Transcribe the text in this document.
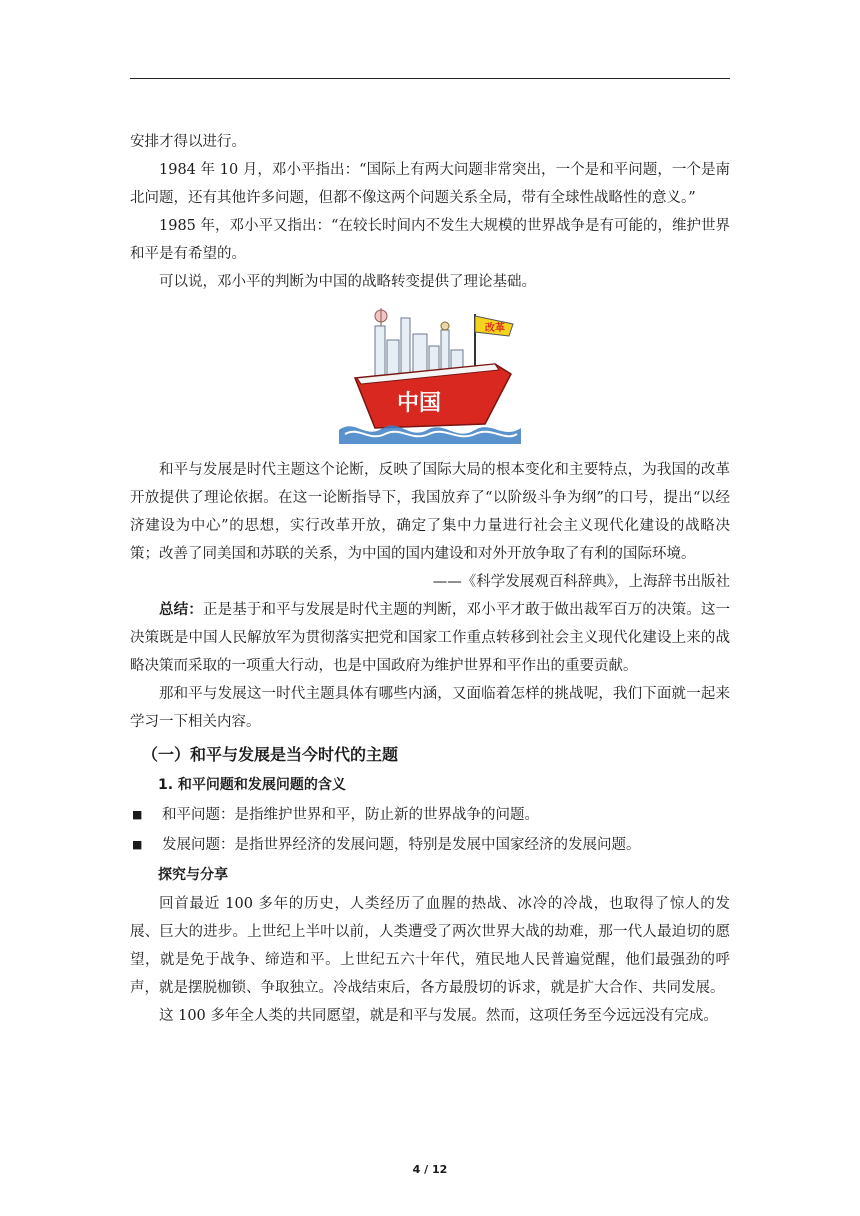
安排才得以进行。

1984 年 10 月，邓小平指出：“国际上有两大问题非常突出，一个是和平问题，一个是南北问题，还有其他许多问题，但都不像这两个问题关系全局，带有全球性战略性的意义。”

1985 年，邓小平又指出：“在较长时间内不发生大规模的世界战争是有可能的，维护世界和平是有希望的。

可以说，邓小平的判断为中国的战略转变提供了理论基础。

改革
中国

和平与发展是时代主题这个论断，反映了国际大局的根本变化和主要特点，为我国的改革开放提供了理论依据。在这一论断指导下，我国放弃了“以阶级斗争为纲”的口号，提出“以经济建设为中心”的思想，实行改革开放，确定了集中力量进行社会主义现代化建设的战略决策；改善了同美国和苏联的关系，为中国的国内建设和对外开放争取了有利的国际环境。

——《科学发展观百科辞典》，上海辞书出版社

总结：正是基于和平与发展是时代主题的判断，邓小平才敢于做出裁军百万的决策。这一决策既是中国人民解放军为贯彻落实把党和国家工作重点转移到社会主义现代化建设上来的战略决策而采取的一项重大行动，也是中国政府为维护世界和平作出的重要贡献。

那和平与发展这一时代主题具体有哪些内涵，又面临着怎样的挑战呢，我们下面就一起来学习一下相关内容。

（一）和平与发展是当今时代的主题
1. 和平问题和发展问题的含义
■	和平问题：是指维护世界和平，防止新的世界战争的问题。
■	发展问题：是指世界经济的发展问题，特别是发展中国家经济的发展问题。
探究与分享

回首最近 100 多年的历史，人类经历了血腥的热战、冰冷的冷战，也取得了惊人的发展、巨大的进步。上世纪上半叶以前，人类遭受了两次世界大战的劫难，那一代人最迫切的愿望，就是免于战争、缔造和平。上世纪五六十年代，殖民地人民普遍觉醒，他们最强劲的呼声，就是摆脱枷锁、争取独立。冷战结束后，各方最殷切的诉求，就是扩大合作、共同发展。

这 100 多年全人类的共同愿望，就是和平与发展。然而，这项任务至今远远没有完成。

4 / 12
